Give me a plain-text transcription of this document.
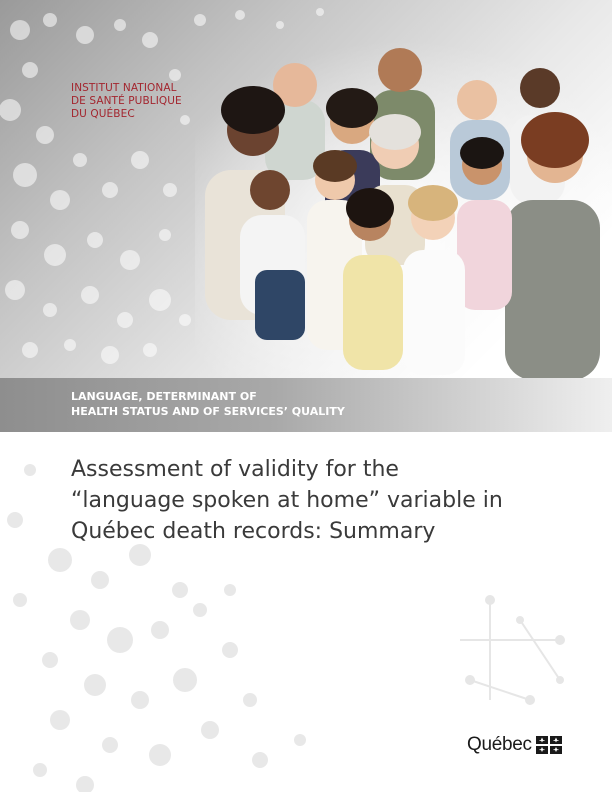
INSTITUT NATIONAL
DE SANTÉ PUBLIQUE
DU QUÉBEC
LANGUAGE, DETERMINANT OF
HEALTH STATUS AND OF SERVICES’ QUALITY
Assessment of validity for the
“language spoken at home” variable in
Québec death records: Summary
Québec
